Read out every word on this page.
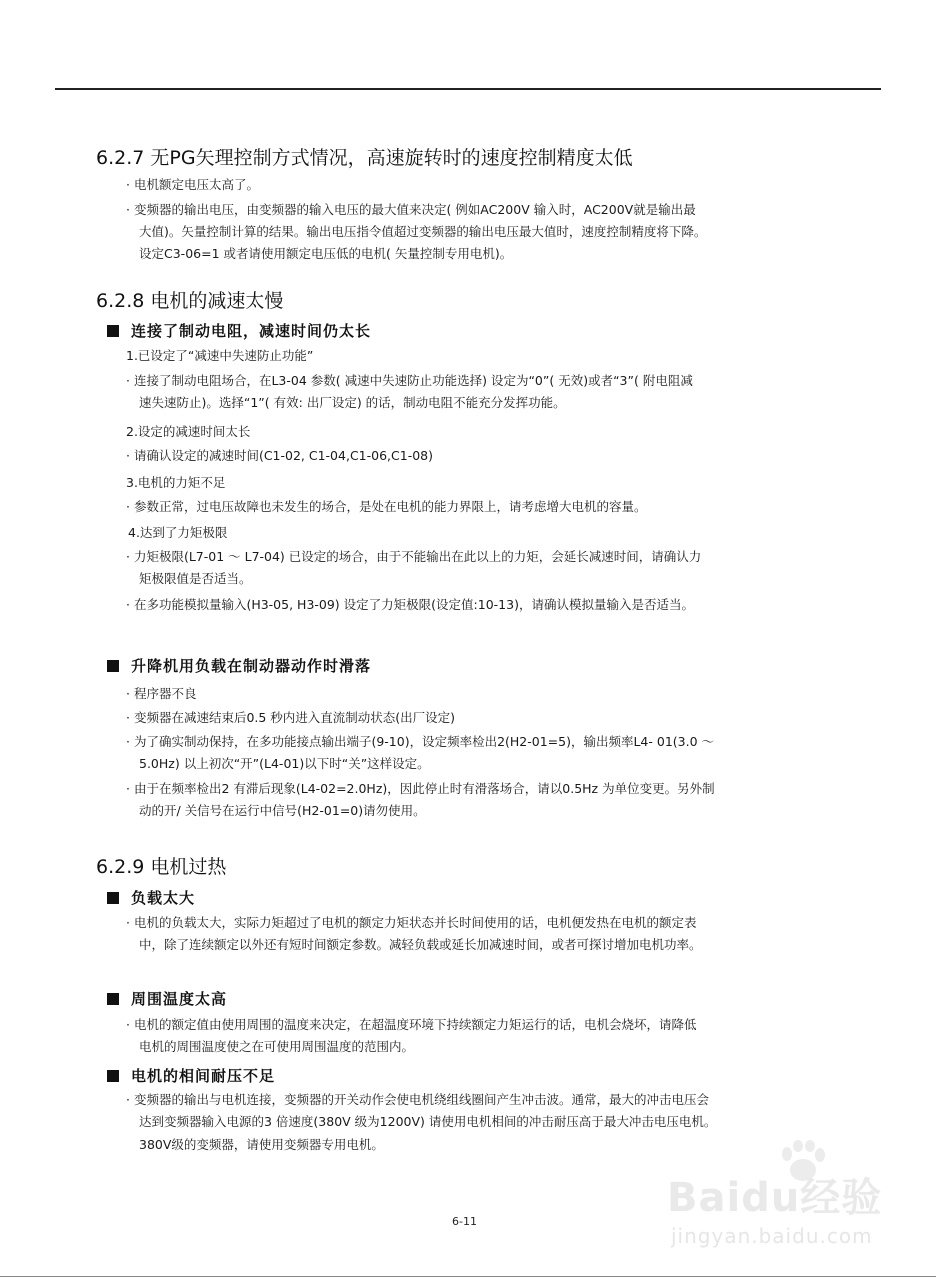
6.2.7 无PG矢理控制方式情况，高速旋转时的速度控制精度太低
· 电机额定电压太高了。
· 变频器的输出电压，由变频器的输入电压的最大值来决定( 例如AC200V 输入时，AC200V就是输出最
大值)。矢量控制计算的结果。输出电压指令值超过变频器的输出电压最大值时，速度控制精度将下降。
设定C3-06=1 或者请使用额定电压低的电机( 矢量控制专用电机)。
6.2.8 电机的减速太慢
连接了制动电阻，减速时间仍太长
1.已设定了“减速中失速防止功能”
· 连接了制动电阻场合，在L3-04 参数( 减速中失速防止功能选择) 设定为“0”( 无效)或者“3”( 附电阻减
速失速防止)。选择“1”( 有效: 出厂设定) 的话，制动电阻不能充分发挥功能。
2.设定的减速时间太长
· 请确认设定的减速时间(C1-02, C1-04,C1-06,C1-08)
3.电机的力矩不足
· 参数正常，过电压故障也未发生的场合，是处在电机的能力界限上，请考虑增大电机的容量。
4.达到了力矩极限
· 力矩极限(L7-01 ～ L7-04) 已设定的场合，由于不能输出在此以上的力矩，会延长减速时间，请确认力
矩极限值是否适当。
· 在多功能模拟量输入(H3-05, H3-09) 设定了力矩极限(设定值:10-13)，请确认模拟量输入是否适当。
升降机用负载在制动器动作时滑落
· 程序器不良
· 变频器在减速结束后0.5 秒内进入直流制动状态(出厂设定)
· 为了确实制动保持，在多功能接点输出端子(9-10)，设定频率检出2(H2-01=5)，输出频率L4- 01(3.0 ～
5.0Hz) 以上初次“开”(L4-01)以下时“关”这样设定。
· 由于在频率检出2 有滞后现象(L4-02=2.0Hz)，因此停止时有滑落场合，请以0.5Hz 为单位变更。另外制
动的开/ 关信号在运行中信号(H2-01=0)请勿使用。
6.2.9 电机过热
负载太大
· 电机的负载太大，实际力矩超过了电机的额定力矩状态并长时间使用的话，电机便发热在电机的额定表
中，除了连续额定以外还有短时间额定参数。减轻负载或延长加减速时间，或者可探讨增加电机功率。
周围温度太高
· 电机的额定值由使用周围的温度来决定，在超温度环境下持续额定力矩运行的话，电机会烧坏，请降低
电机的周围温度使之在可使用周围温度的范围内。
电机的相间耐压不足
· 变频器的输出与电机连接，变频器的开关动作会使电机绕组线圈间产生冲击波。通常，最大的冲击电压会
达到变频器输入电源的3 倍速度(380V 级为1200V) 请使用电机相间的冲击耐压高于最大冲击电压电机。
380V级的变频器，请使用变频器专用电机。
Baidu经验
jingyan.baidu.com
6-11
